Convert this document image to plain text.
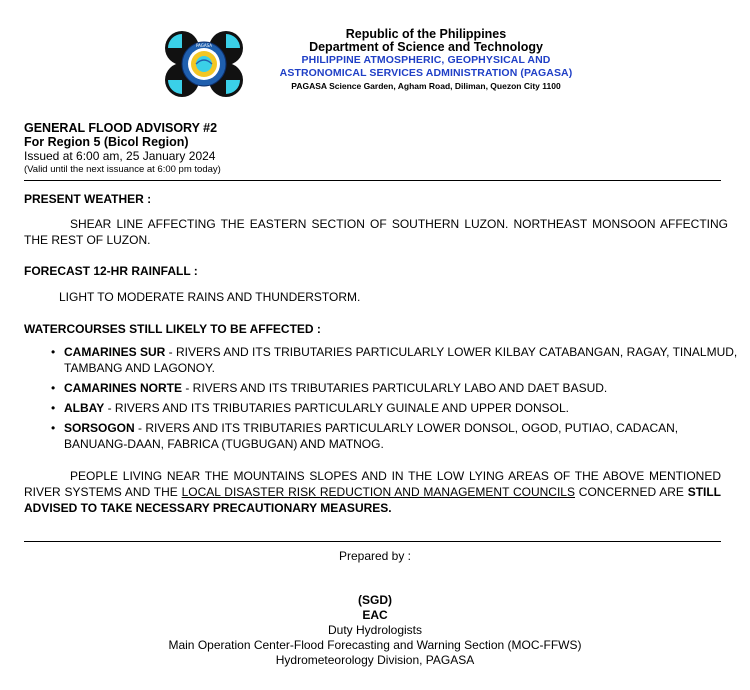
PAGASA
Republic of the Philippines
Department of Science and Technology
PHILIPPINE ATMOSPHERIC, GEOPHYSICAL AND
ASTRONOMICAL SERVICES ADMINISTRATION (PAGASA)
PAGASA Science Garden, Agham Road, Diliman, Quezon City 1100
GENERAL FLOOD ADVISORY #2
For Region 5 (Bicol Region)
Issued at 6:00 am, 25 January 2024
(Valid until the next issuance at 6:00 pm today)
PRESENT WEATHER :
SHEAR LINE AFFECTING THE EASTERN SECTION OF SOUTHERN LUZON. NORTHEAST MONSOON AFFECTING THE REST OF LUZON.
FORECAST 12-HR RAINFALL :
LIGHT TO MODERATE RAINS AND THUNDERSTORM.
WATERCOURSES STILL LIKELY TO BE AFFECTED :
• CAMARINES SUR - RIVERS AND ITS TRIBUTARIES PARTICULARLY LOWER KILBAY CATABANGAN, RAGAY, TINALMUD, TAMBANG AND LAGONOY.
• CAMARINES NORTE - RIVERS AND ITS TRIBUTARIES PARTICULARLY LABO AND DAET BASUD.
• ALBAY - RIVERS AND ITS TRIBUTARIES PARTICULARLY GUINALE AND UPPER DONSOL.
• SORSOGON - RIVERS AND ITS TRIBUTARIES PARTICULARLY LOWER DONSOL, OGOD, PUTIAO, CADACAN, BANUANG-DAAN, FABRICA (TUGBUGAN) AND MATNOG.
PEOPLE LIVING NEAR THE MOUNTAINS SLOPES AND IN THE LOW LYING AREAS OF THE ABOVE MENTIONED RIVER SYSTEMS AND THE LOCAL DISASTER RISK REDUCTION AND MANAGEMENT COUNCILS CONCERNED ARE STILL ADVISED TO TAKE NECESSARY PRECAUTIONARY MEASURES.
Prepared by :
(SGD)
EAC
Duty Hydrologists
Main Operation Center-Flood Forecasting and Warning Section (MOC-FFWS)
Hydrometeorology Division, PAGASA
